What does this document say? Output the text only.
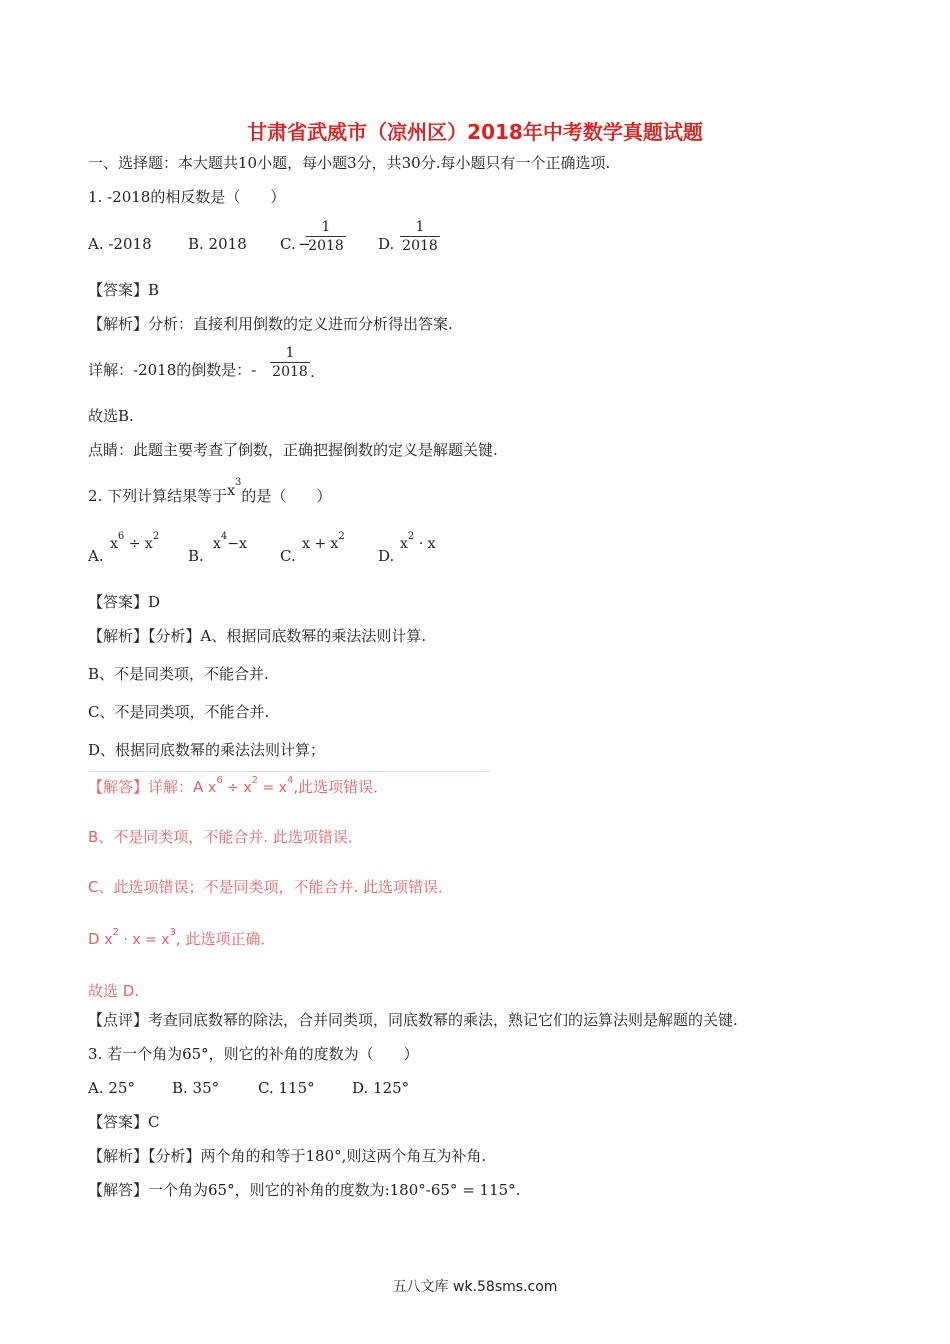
甘肃省武威市（凉州区）2018年中考数学真题试题
一、选择题：本大题共10小题，每小题3分，共30分.每小题只有一个正确选项.
1. -2018的相反数是（　　）
A. -2018 B. 2018 C. −
1
2018 D.
1
2018
【答案】B
【解析】分析：直接利用倒数的定义进而分析得出答案.
详解：-2018的倒数是：-
1
2018 .
故选B.
点睛：此题主要考查了倒数，正确把握倒数的定义是解题关键.
2. 下列计算结果等于$x^3$的是（　　）
A.
$x^6 \div x^2$
B.
$x^4-x$
C.
$x + x^2$
D.
$x^2 \cdot x$
【答案】D
【解析】【分析】A、根据同底数幂的乘法法则计算.
B、不是同类项，不能合并.
C、不是同类项，不能合并.
D、根据同底数幂的乘法法则计算；
【解答】详解：A $x^6 \div x^2 = x^4$,此选项错误．
B、不是同类项，不能合并. 此选项错误．
C、此选项错误；不是同类项，不能合并. 此选项错误．
D $x^2 \cdot x = x^3$, 此选项正确．
故选 D.
【点评】考查同底数幂的除法，合并同类项，同底数幂的乘法，熟记它们的运算法则是解题的关键.
3. 若一个角为65°，则它的补角的度数为（　　）
A. 25° B. 35°	C. 115° D. 125°
【答案】C
【解析】【分析】两个角的和等于180°,则这两个角互为补角.
【解答】一个角为65°，则它的补角的度数为:180°-65° = 115°.
五八文库 wk.58sms.com
